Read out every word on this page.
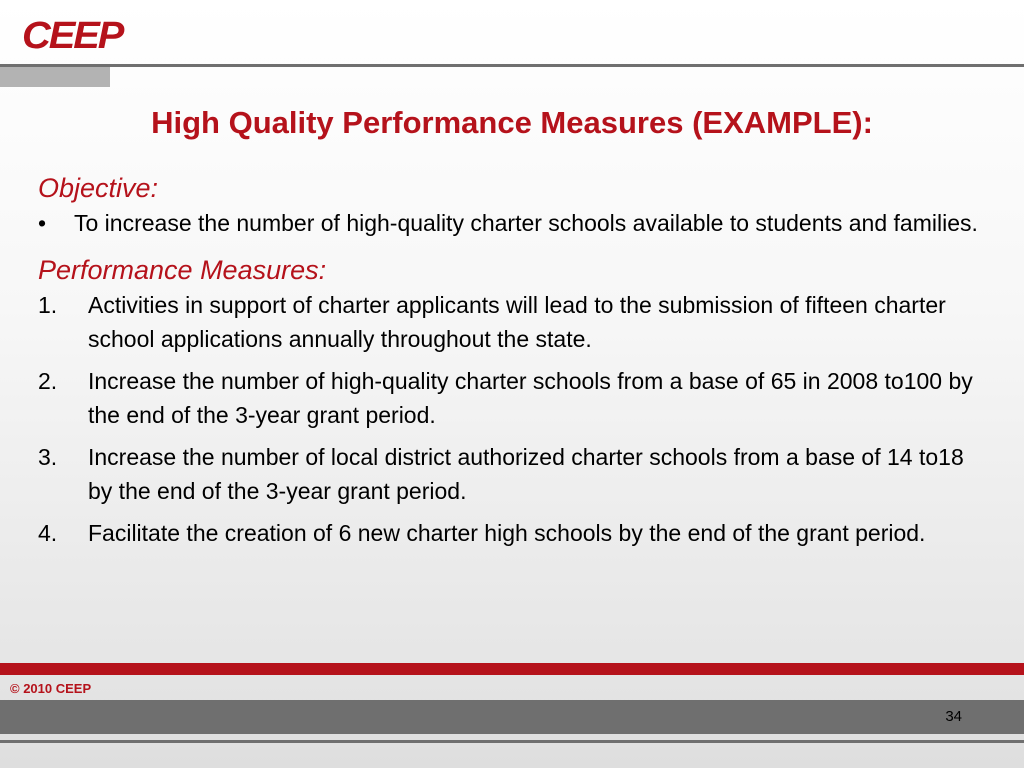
CEEP
High Quality Performance Measures (EXAMPLE):

Objective:

•	To increase the number of high-quality charter schools available to students and families.

Performance Measures:

1.	Activities in support of charter applicants will lead to the submission of fifteen charter school applications annually throughout the state.
2.	Increase the number of high-quality charter schools from a base of 65 in 2008 to100 by the end of the 3-year grant period.
3.	Increase the number of local district authorized charter schools from a base of 14 to18 by the end of the 3-year grant period.
4.	Facilitate the creation of 6 new charter high schools by the end of the grant period.
© 2010 CEEP
34
